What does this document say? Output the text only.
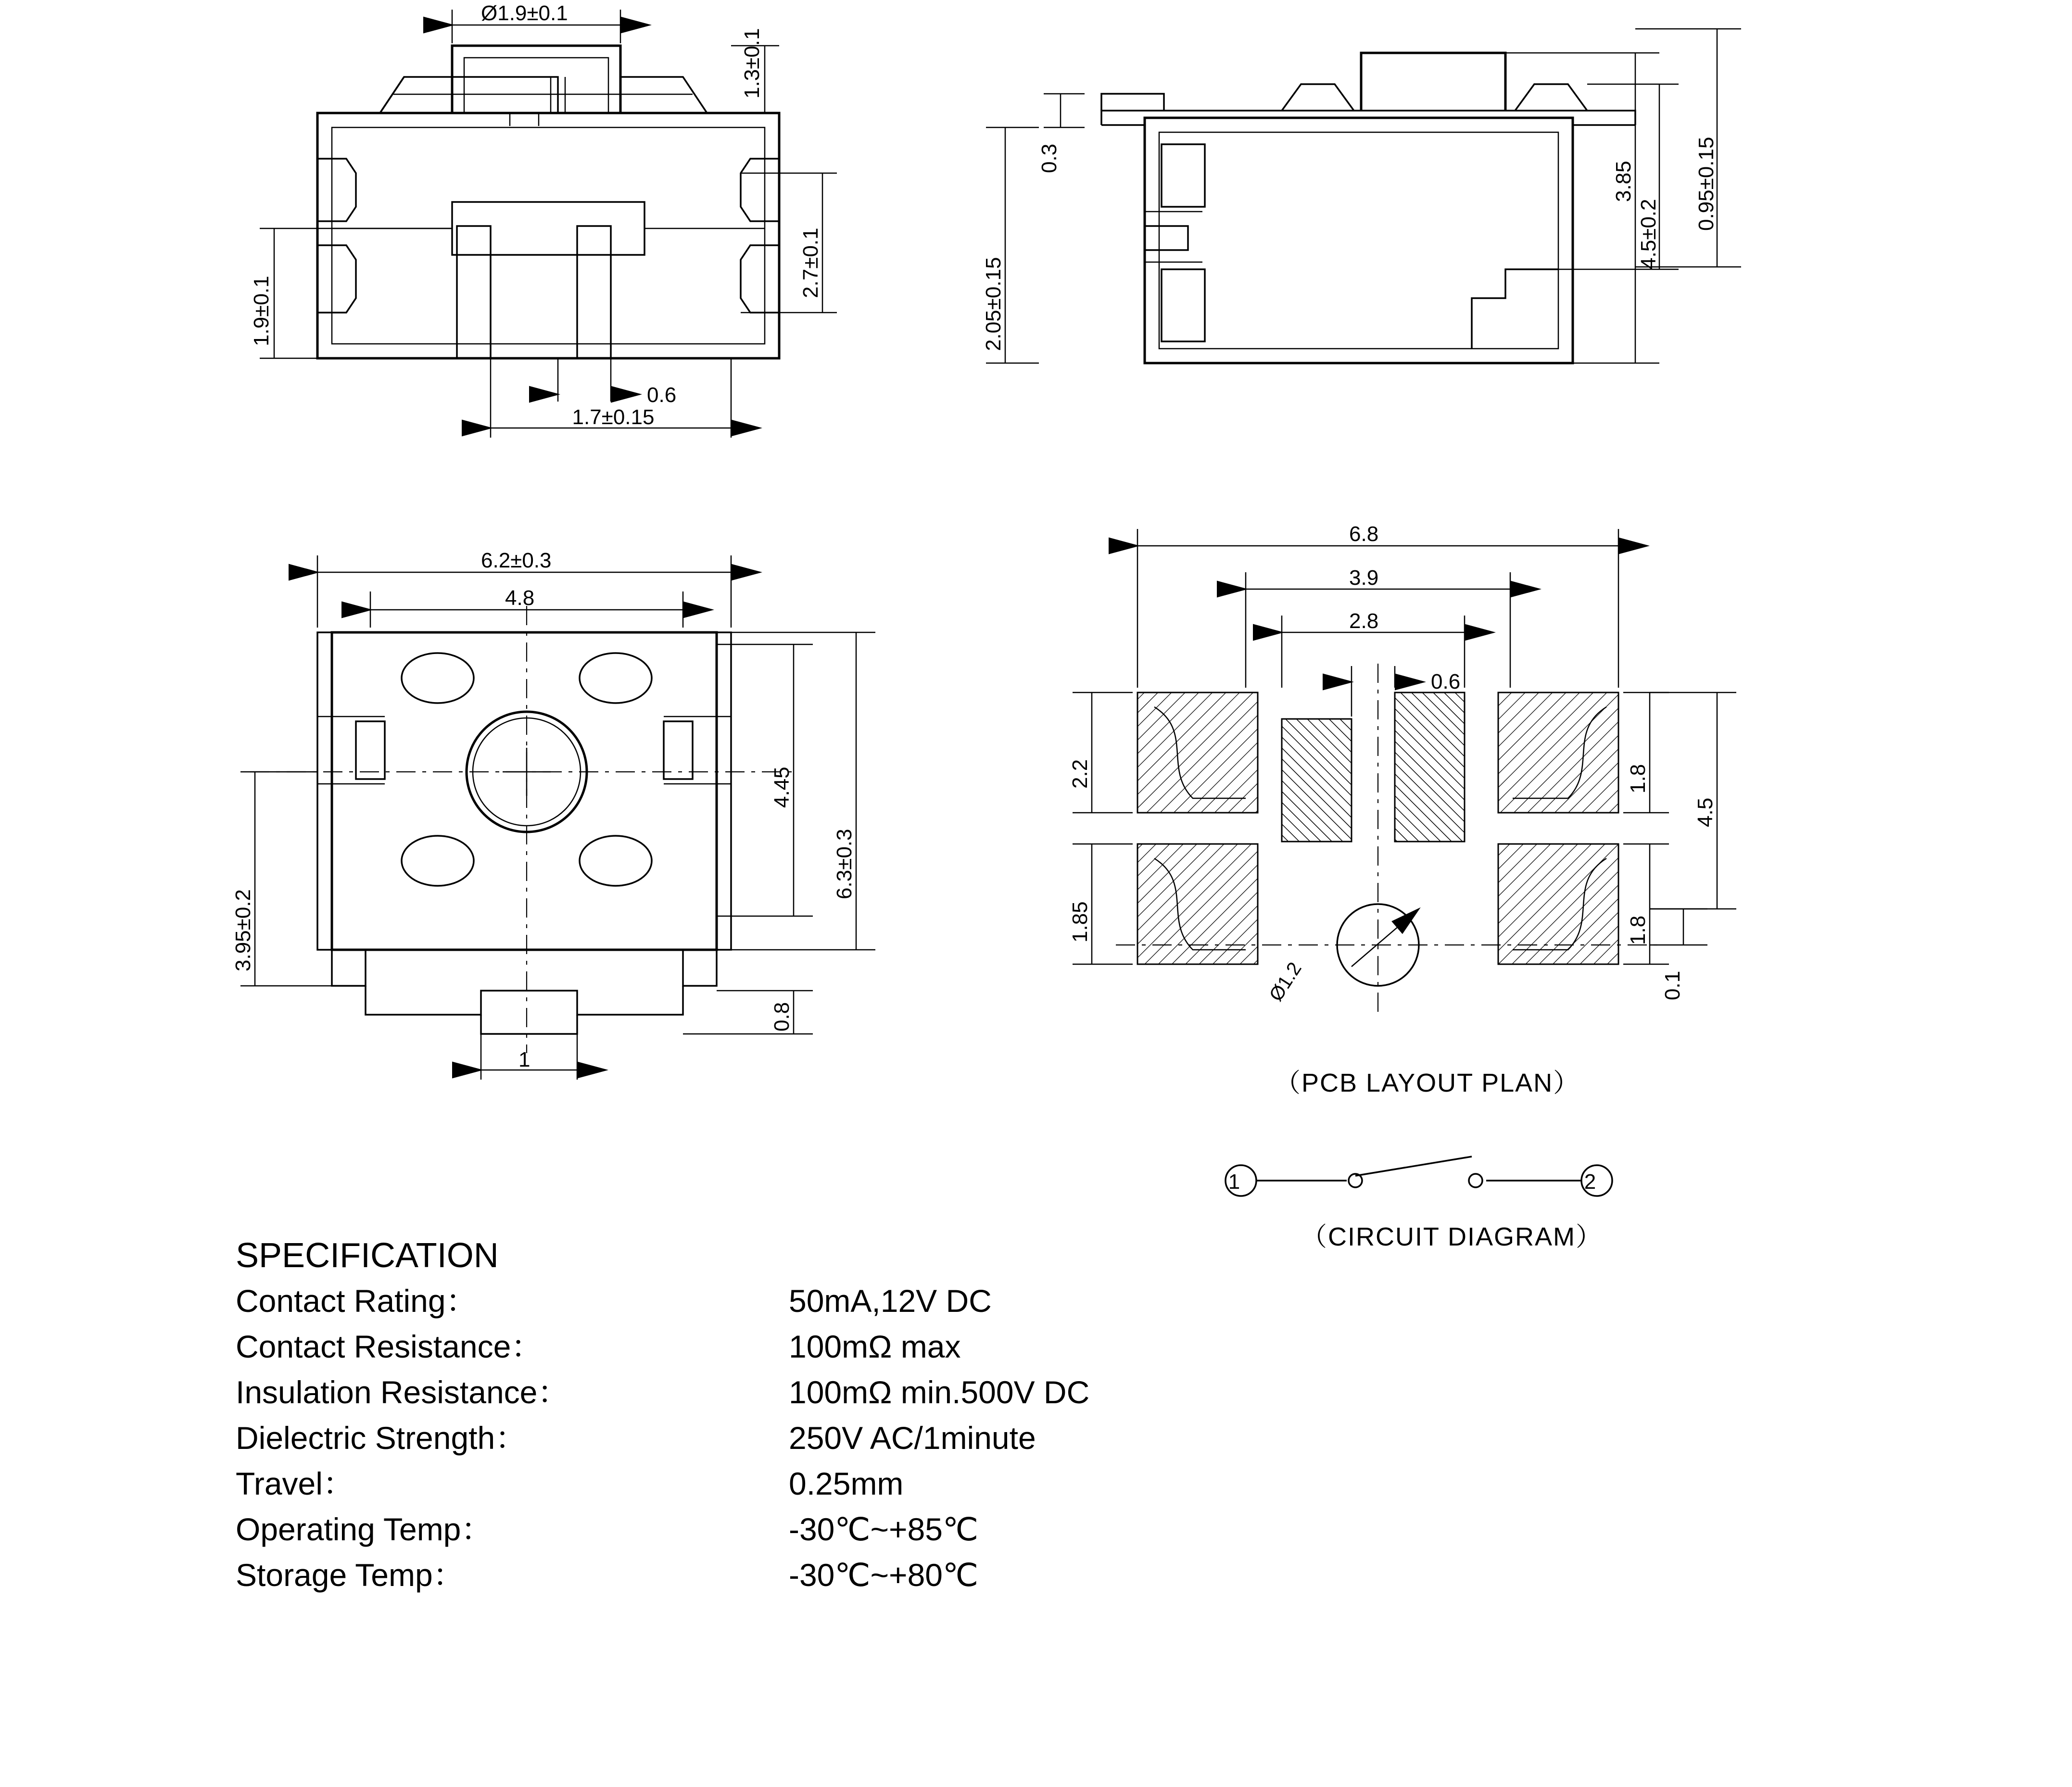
Ø1.9±0.1
1.3±0.1
2.7±0.1
1.9±0.1
0.6
1.7±0.15
0.3
2.05±0.15
3.85
4.5±0.2
0.95±0.15
6.2±0.3
4.8
4.45
6.3±0.3
3.95±0.2
0.8
1
Ø1.2
6.8
3.9
2.8
0.6
2.2
1.85
1.8
1.8
4.5
0.1
（PCB LAYOUT PLAN）
1	2
（CIRCUIT DIAGRAM）
SPECIFICATION
Contact Rating：	50mA,12V DC
Contact Resistance：	100mΩ max
Insulation Resistance：	100mΩ min.500V DC
Dielectric Strength：	250V AC/1minute
Travel：	0.25mm
Operating Temp：	-30℃~+85℃
Storage Temp：	-30℃~+80℃
